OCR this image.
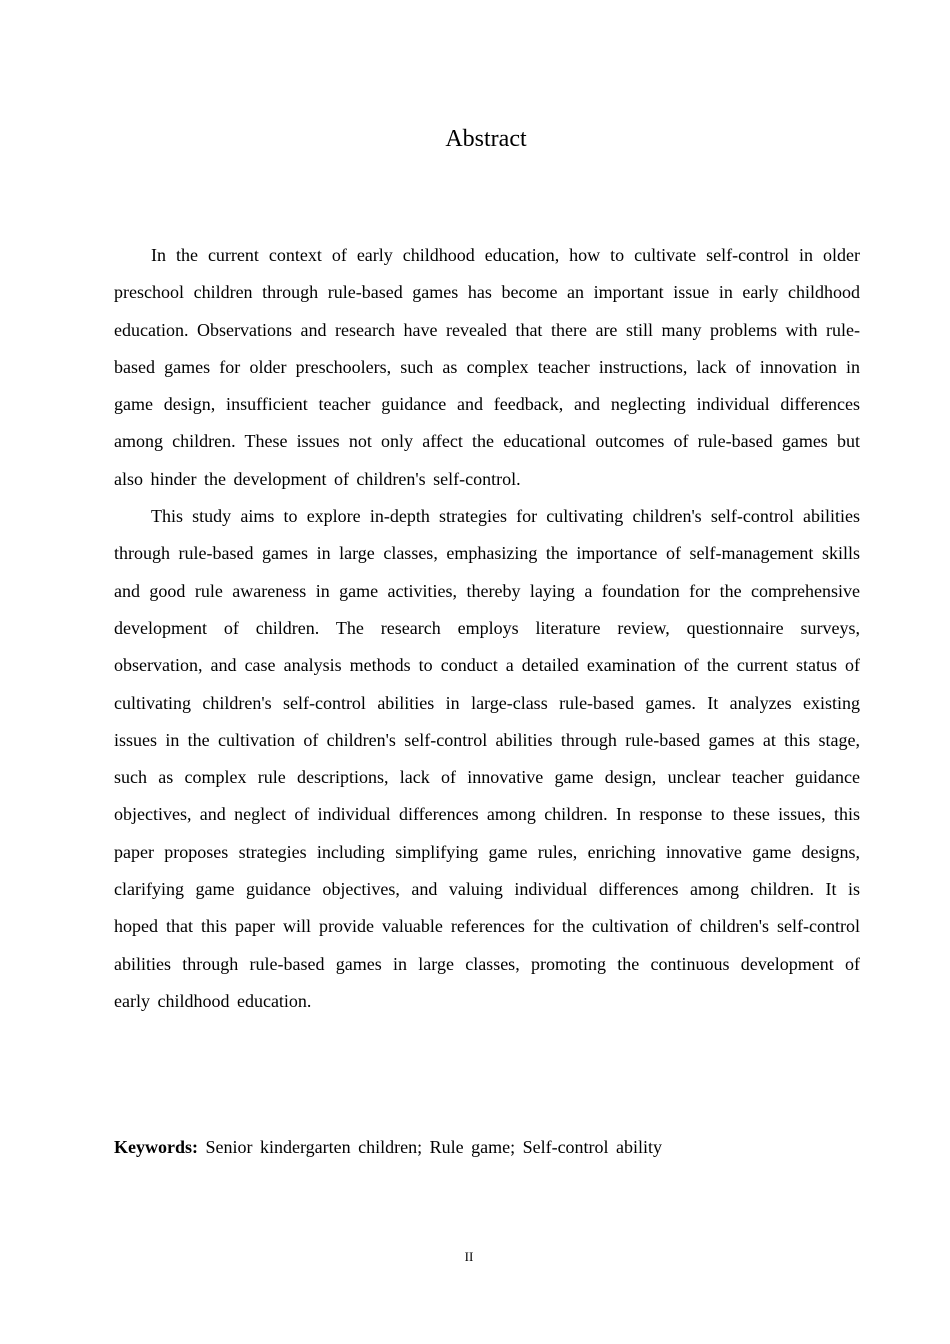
Abstract

In the current context of early childhood education, how to cultivate self-control in older preschool children through rule-based games has become an important issue in early childhood education. Observations and research have revealed that there are still many problems with rule-based games for older preschoolers, such as complex teacher instructions, lack of innovation in game design, insufficient teacher guidance and feedback, and neglecting individual differences among children. These issues not only affect the educational outcomes of rule-based games but also hinder the development of children's self-control.

This study aims to explore in-depth strategies for cultivating children's self-control abilities through rule-based games in large classes, emphasizing the importance of self-management skills and good rule awareness in game activities, thereby laying a foundation for the comprehensive development of children. The research employs literature review, questionnaire surveys, observation, and case analysis methods to conduct a detailed examination of the current status of cultivating children's self-control abilities in large-class rule-based games. It analyzes existing issues in the cultivation of children's self-control abilities through rule-based games at this stage, such as complex rule descriptions, lack of innovative game design, unclear teacher guidance objectives, and neglect of individual differences among children. In response to these issues, this paper proposes strategies including simplifying game rules, enriching innovative game designs, clarifying game guidance objectives, and valuing individual differences among children. It is hoped that this paper will provide valuable references for the cultivation of children's self-control abilities through rule-based games in large classes, promoting the continuous development of early childhood education.

Keywords: Senior kindergarten children; Rule game; Self-control ability
II
